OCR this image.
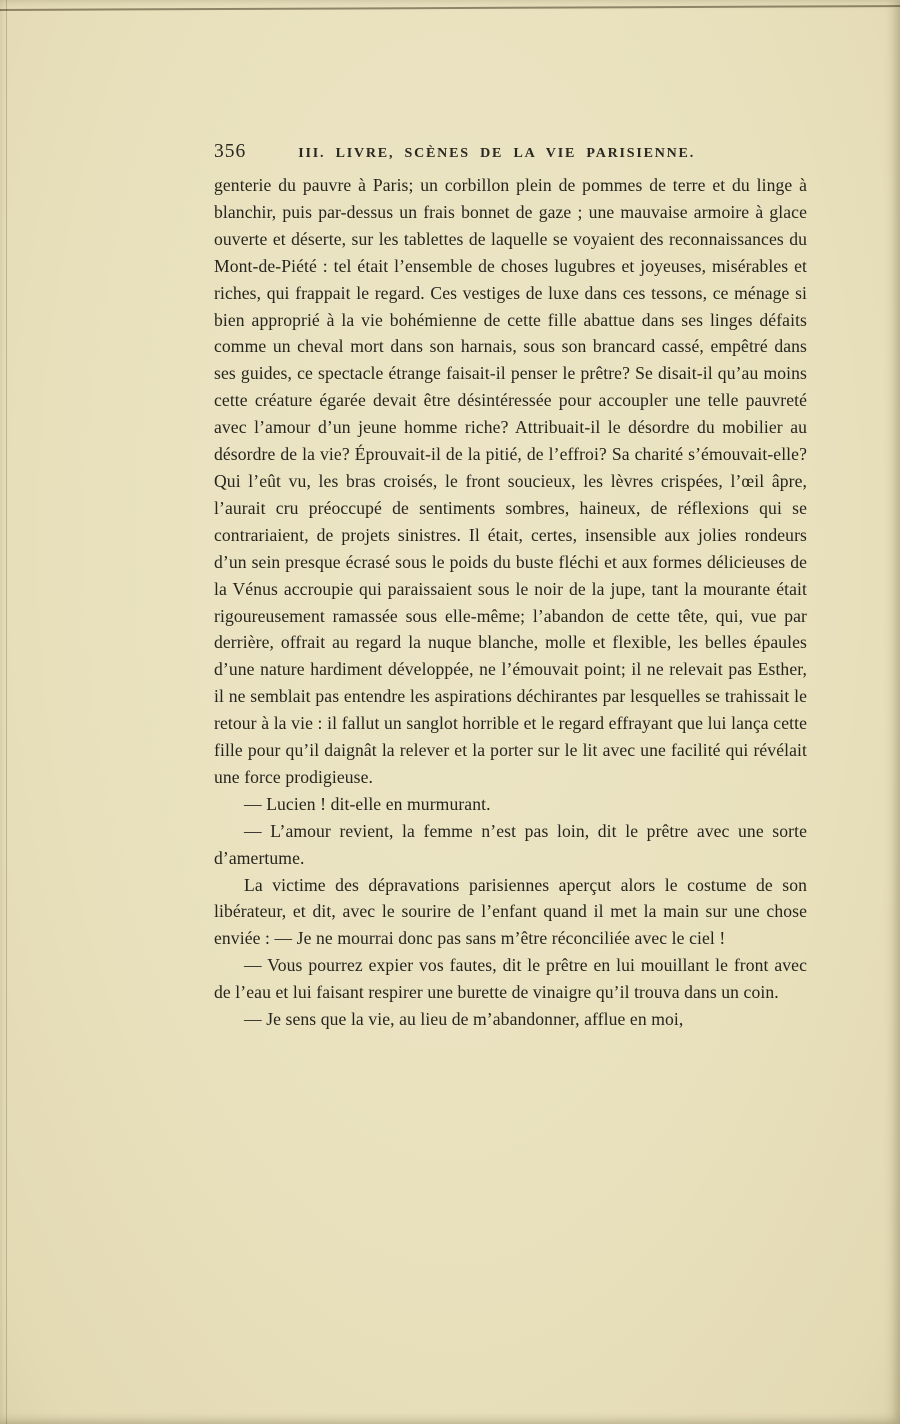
356	III. LIVRE, SCÈNES DE LA VIE PARISIENNE.

genterie du pauvre à Paris; un corbillon plein de pommes de terre et du linge à blanchir, puis par-dessus un frais bonnet de gaze ; une mauvaise armoire à glace ouverte et déserte, sur les tablettes de laquelle se voyaient des reconnaissances du Mont-de-Piété : tel était l’ensemble de choses lugubres et joyeuses, misérables et riches, qui frappait le regard. Ces vestiges de luxe dans ces tessons, ce ménage si bien approprié à la vie bohémienne de cette fille abattue dans ses linges défaits comme un cheval mort dans son harnais, sous son brancard cassé, empêtré dans ses guides, ce spectacle étrange faisait-il penser le prêtre? Se disait-il qu’au moins cette créature égarée devait être désintéressée pour accoupler une telle pauvreté avec l’amour d’un jeune homme riche? Attribuait-il le désordre du mobilier au désordre de la vie? Éprouvait-il de la pitié, de l’effroi? Sa charité s’émouvait-elle? Qui l’eût vu, les bras croisés, le front soucieux, les lèvres crispées, l’œil âpre, l’aurait cru préoccupé de sentiments sombres, haineux, de réflexions qui se contrariaient, de projets sinistres. Il était, certes, insensible aux jolies rondeurs d’un sein presque écrasé sous le poids du buste fléchi et aux formes délicieuses de la Vénus accroupie qui paraissaient sous le noir de la jupe, tant la mourante était rigoureusement ramassée sous elle-même; l’abandon de cette tête, qui, vue par derrière, offrait au regard la nuque blanche, molle et flexible, les belles épaules d’une nature hardiment développée, ne l’émouvait point; il ne relevait pas Esther, il ne semblait pas entendre les aspirations déchirantes par lesquelles se trahissait le retour à la vie : il fallut un sanglot horrible et le regard effrayant que lui lança cette fille pour qu’il daignât la relever et la porter sur le lit avec une facilité qui révélait une force prodigieuse.

— Lucien ! dit-elle en murmurant.

— L’amour revient, la femme n’est pas loin, dit le prêtre avec une sorte d’amertume.

La victime des dépravations parisiennes aperçut alors le costume de son libérateur, et dit, avec le sourire de l’enfant quand il met la main sur une chose enviée : — Je ne mourrai donc pas sans m’être réconciliée avec le ciel !

— Vous pourrez expier vos fautes, dit le prêtre en lui mouillant le front avec de l’eau et lui faisant respirer une burette de vinaigre qu’il trouva dans un coin.

— Je sens que la vie, au lieu de m’abandonner, afflue en moi,
